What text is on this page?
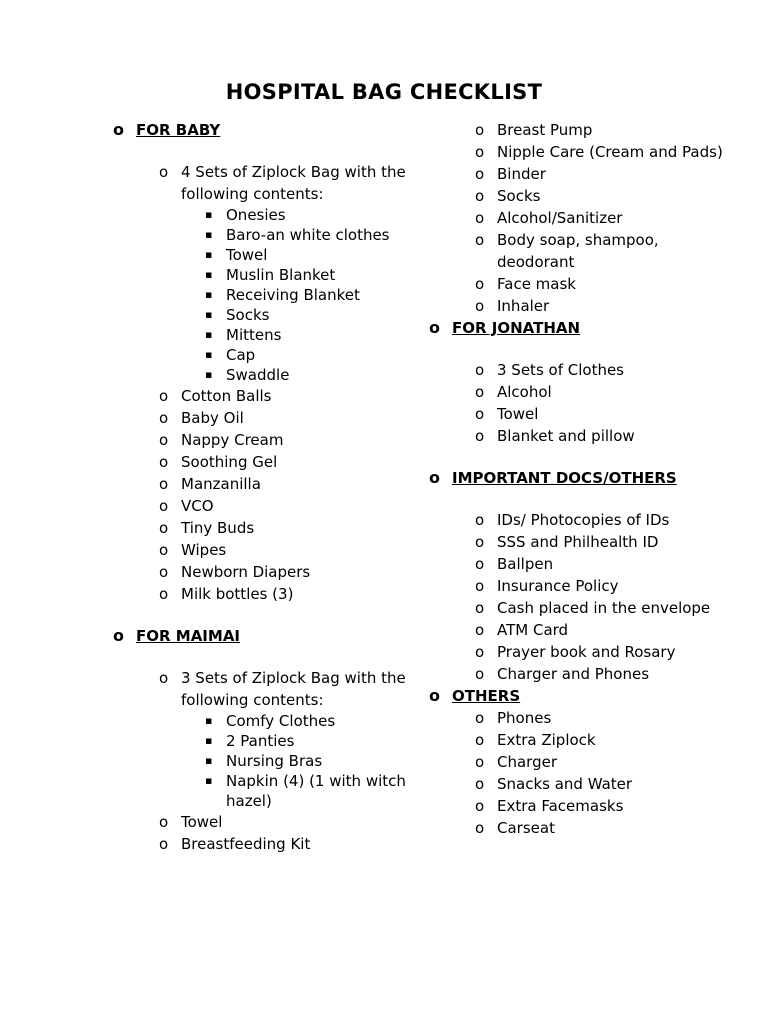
HOSPITAL BAG CHECKLIST
o FOR BABY
o 4 Sets of Ziplock Bag with the following contents:
▪ Onesies
▪ Baro-an white clothes
▪ Towel
▪ Muslin Blanket
▪ Receiving Blanket
▪ Socks
▪ Mittens
▪ Cap
▪ Swaddle
o Cotton Balls
o Baby Oil
o Nappy Cream
o Soothing Gel
o Manzanilla
o VCO
o Tiny Buds
o Wipes
o Newborn Diapers
o Milk bottles (3)
o FOR MAIMAI
o 3 Sets of Ziplock Bag with the following contents:
▪ Comfy Clothes
▪ 2 Panties
▪ Nursing Bras
▪ Napkin (4) (1 with witch hazel)
o Towel
o Breastfeeding Kit
o Breast Pump
o Nipple Care (Cream and Pads)
o Binder
o Socks
o Alcohol/Sanitizer
o Body soap, shampoo, deodorant
o Face mask
o Inhaler
o FOR JONATHAN
o 3 Sets of Clothes
o Alcohol
o Towel
o Blanket and pillow
o IMPORTANT DOCS/OTHERS
o IDs/ Photocopies of IDs
o SSS and Philhealth ID
o Ballpen
o Insurance Policy
o Cash placed in the envelope
o ATM Card
o Prayer book and Rosary
o Charger and Phones
o OTHERS
o Phones
o Extra Ziplock
o Charger
o Snacks and Water
o Extra Facemasks
o Carseat
